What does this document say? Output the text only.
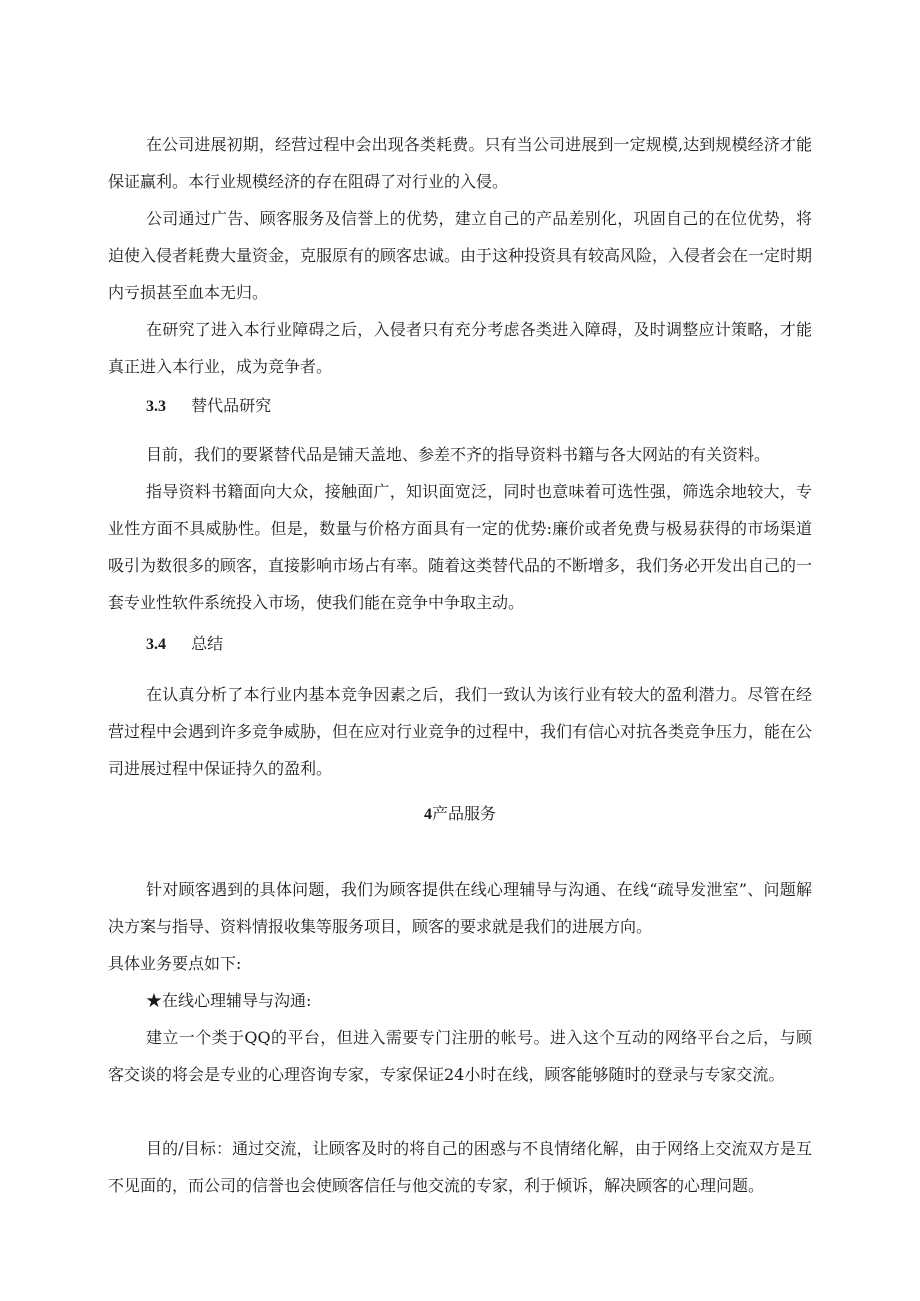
在公司进展初期，经营过程中会出现各类耗费。只有当公司进展到一定规模,达到规模经济才能保证赢利。本行业规模经济的存在阻碍了对行业的入侵。

公司通过广告、顾客服务及信誉上的优势，建立自己的产品差别化，巩固自己的在位优势，将迫使入侵者耗费大量资金，克服原有的顾客忠诚。由于这种投资具有较高风险，入侵者会在一定时期内亏损甚至血本无归。

在研究了进入本行业障碍之后，入侵者只有充分考虑各类进入障碍，及时调整应计策略，才能真正进入本行业，成为竞争者。

3.3 替代品研究

目前，我们的要紧替代品是铺天盖地、参差不齐的指导资料书籍与各大网站的有关资料。

指导资料书籍面向大众，接触面广，知识面宽泛，同时也意味着可选性强，筛选余地较大，专业性方面不具威胁性。但是，数量与价格方面具有一定的优势:廉价或者免费与极易获得的市场渠道吸引为数很多的顾客，直接影响市场占有率。随着这类替代品的不断增多，我们务必开发出自己的一套专业性软件系统投入市场，使我们能在竞争中争取主动。

3.4 总结

在认真分析了本行业内基本竞争因素之后，我们一致认为该行业有较大的盈利潜力。尽管在经营过程中会遇到许多竞争威胁，但在应对行业竞争的过程中，我们有信心对抗各类竞争压力，能在公司进展过程中保证持久的盈利。

4产品服务

针对顾客遇到的具体问题，我们为顾客提供在线心理辅导与沟通、在线“疏导发泄室”、问题解决方案与指导、资料情报收集等服务项目，顾客的要求就是我们的进展方向。

具体业务要点如下:

★在线心理辅导与沟通:

建立一个类于QQ的平台，但进入需要专门注册的帐号。进入这个互动的网络平台之后，与顾客交谈的将会是专业的心理咨询专家，专家保证24小时在线，顾客能够随时的登录与专家交流。

目的/目标：通过交流，让顾客及时的将自己的困惑与不良情绪化解，由于网络上交流双方是互不见面的，而公司的信誉也会使顾客信任与他交流的专家，利于倾诉，解决顾客的心理问题。
